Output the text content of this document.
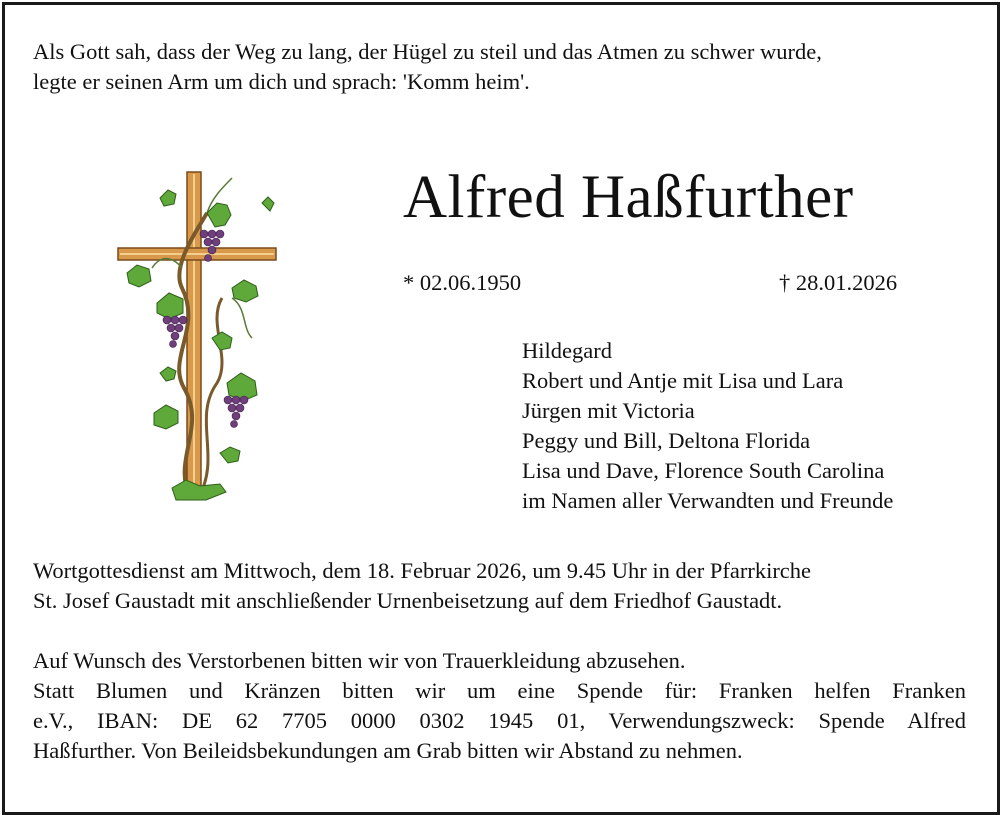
Als Gott sah, dass der Weg zu lang, der Hügel zu steil und das Atmen zu schwer wurde,
legte er seinen Arm um dich und sprach: 'Komm heim'.
Alfred Haßfurther
* 02.06.1950	† 28.01.2026
Hildegard
Robert und Antje mit Lisa und Lara
Jürgen mit Victoria
Peggy und Bill, Deltona Florida
Lisa und Dave, Florence South Carolina
im Namen aller Verwandten und Freunde
Wortgottesdienst am Mittwoch, dem 18. Februar 2026, um 9.45 Uhr in der Pfarrkirche
St. Josef Gaustadt mit anschließender Urnenbeisetzung auf dem Friedhof Gaustadt.
Auf Wunsch des Verstorbenen bitten wir von Trauerkleidung abzusehen.
Statt Blumen und Kränzen bitten wir um eine Spende für: Franken helfen Franken
e.V., IBAN: DE 62 7705 0000 0302 1945 01, Verwendungszweck: Spende Alfred
Haßfurther. Von Beileidsbekundungen am Grab bitten wir Abstand zu nehmen.
